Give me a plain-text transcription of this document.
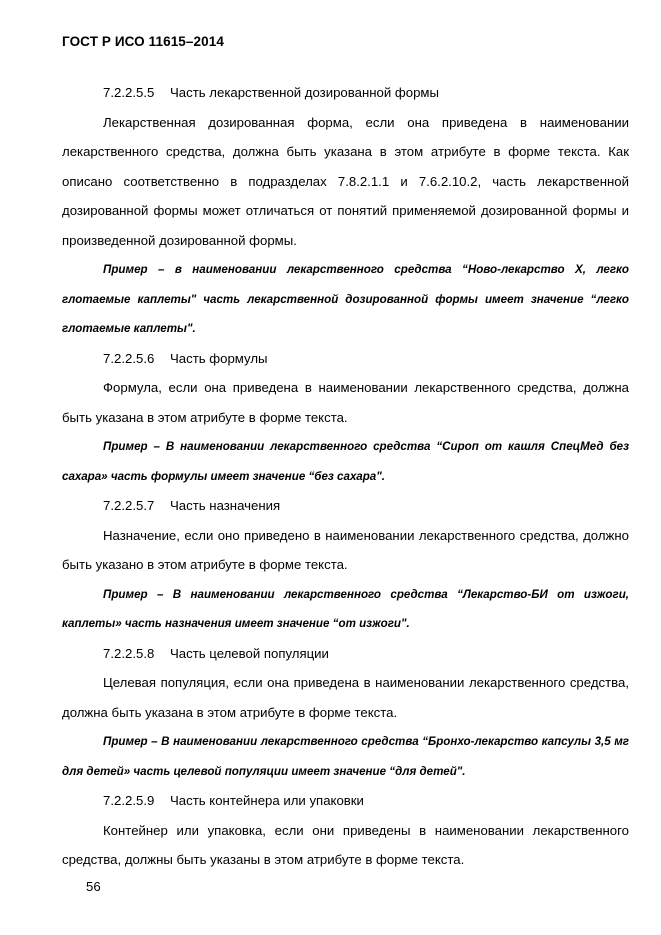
ГОСТ Р ИСО 11615–2014

7.2.2.5.5 Часть лекарственной дозированной формы

Лекарственная дозированная форма, если она приведена в наименовании лекарственного средства, должна быть указана в этом атрибуте в форме текста. Как описано соответственно в подразделах 7.8.2.1.1 и 7.6.2.10.2, часть лекарственной дозированной формы может отличаться от понятий применяемой дозированной формы и произведенной дозированной формы.

Пример – в наименовании лекарственного средства “Ново-лекарство X, легко глотаемые каплеты" часть лекарственной дозированной формы имеет значение “легко глотаемые каплеты".

7.2.2.5.6 Часть формулы

Формула, если она приведена в наименовании лекарственного средства, должна быть указана в этом атрибуте в форме текста.

Пример – В наименовании лекарственного средства “Сироп от кашля СпецМед без сахара» часть формулы имеет значение “без сахара".

7.2.2.5.7 Часть назначения

Назначение, если оно приведено в наименовании лекарственного средства, должно быть указано в этом атрибуте в форме текста.

Пример – В наименовании лекарственного средства “Лекарство-БИ от изжоги, каплеты» часть назначения имеет значение “от изжоги".

7.2.2.5.8 Часть целевой популяции

Целевая популяция, если она приведена в наименовании лекарственного средства, должна быть указана в этом атрибуте в форме текста.

Пример – В наименовании лекарственного средства “Бронхо-лекарство капсулы 3,5 мг для детей» часть целевой популяции имеет значение “для детей".

7.2.2.5.9 Часть контейнера или упаковки

Контейнер или упаковка, если они приведены в наименовании лекарственного средства, должны быть указаны в этом атрибуте в форме текста.

56
